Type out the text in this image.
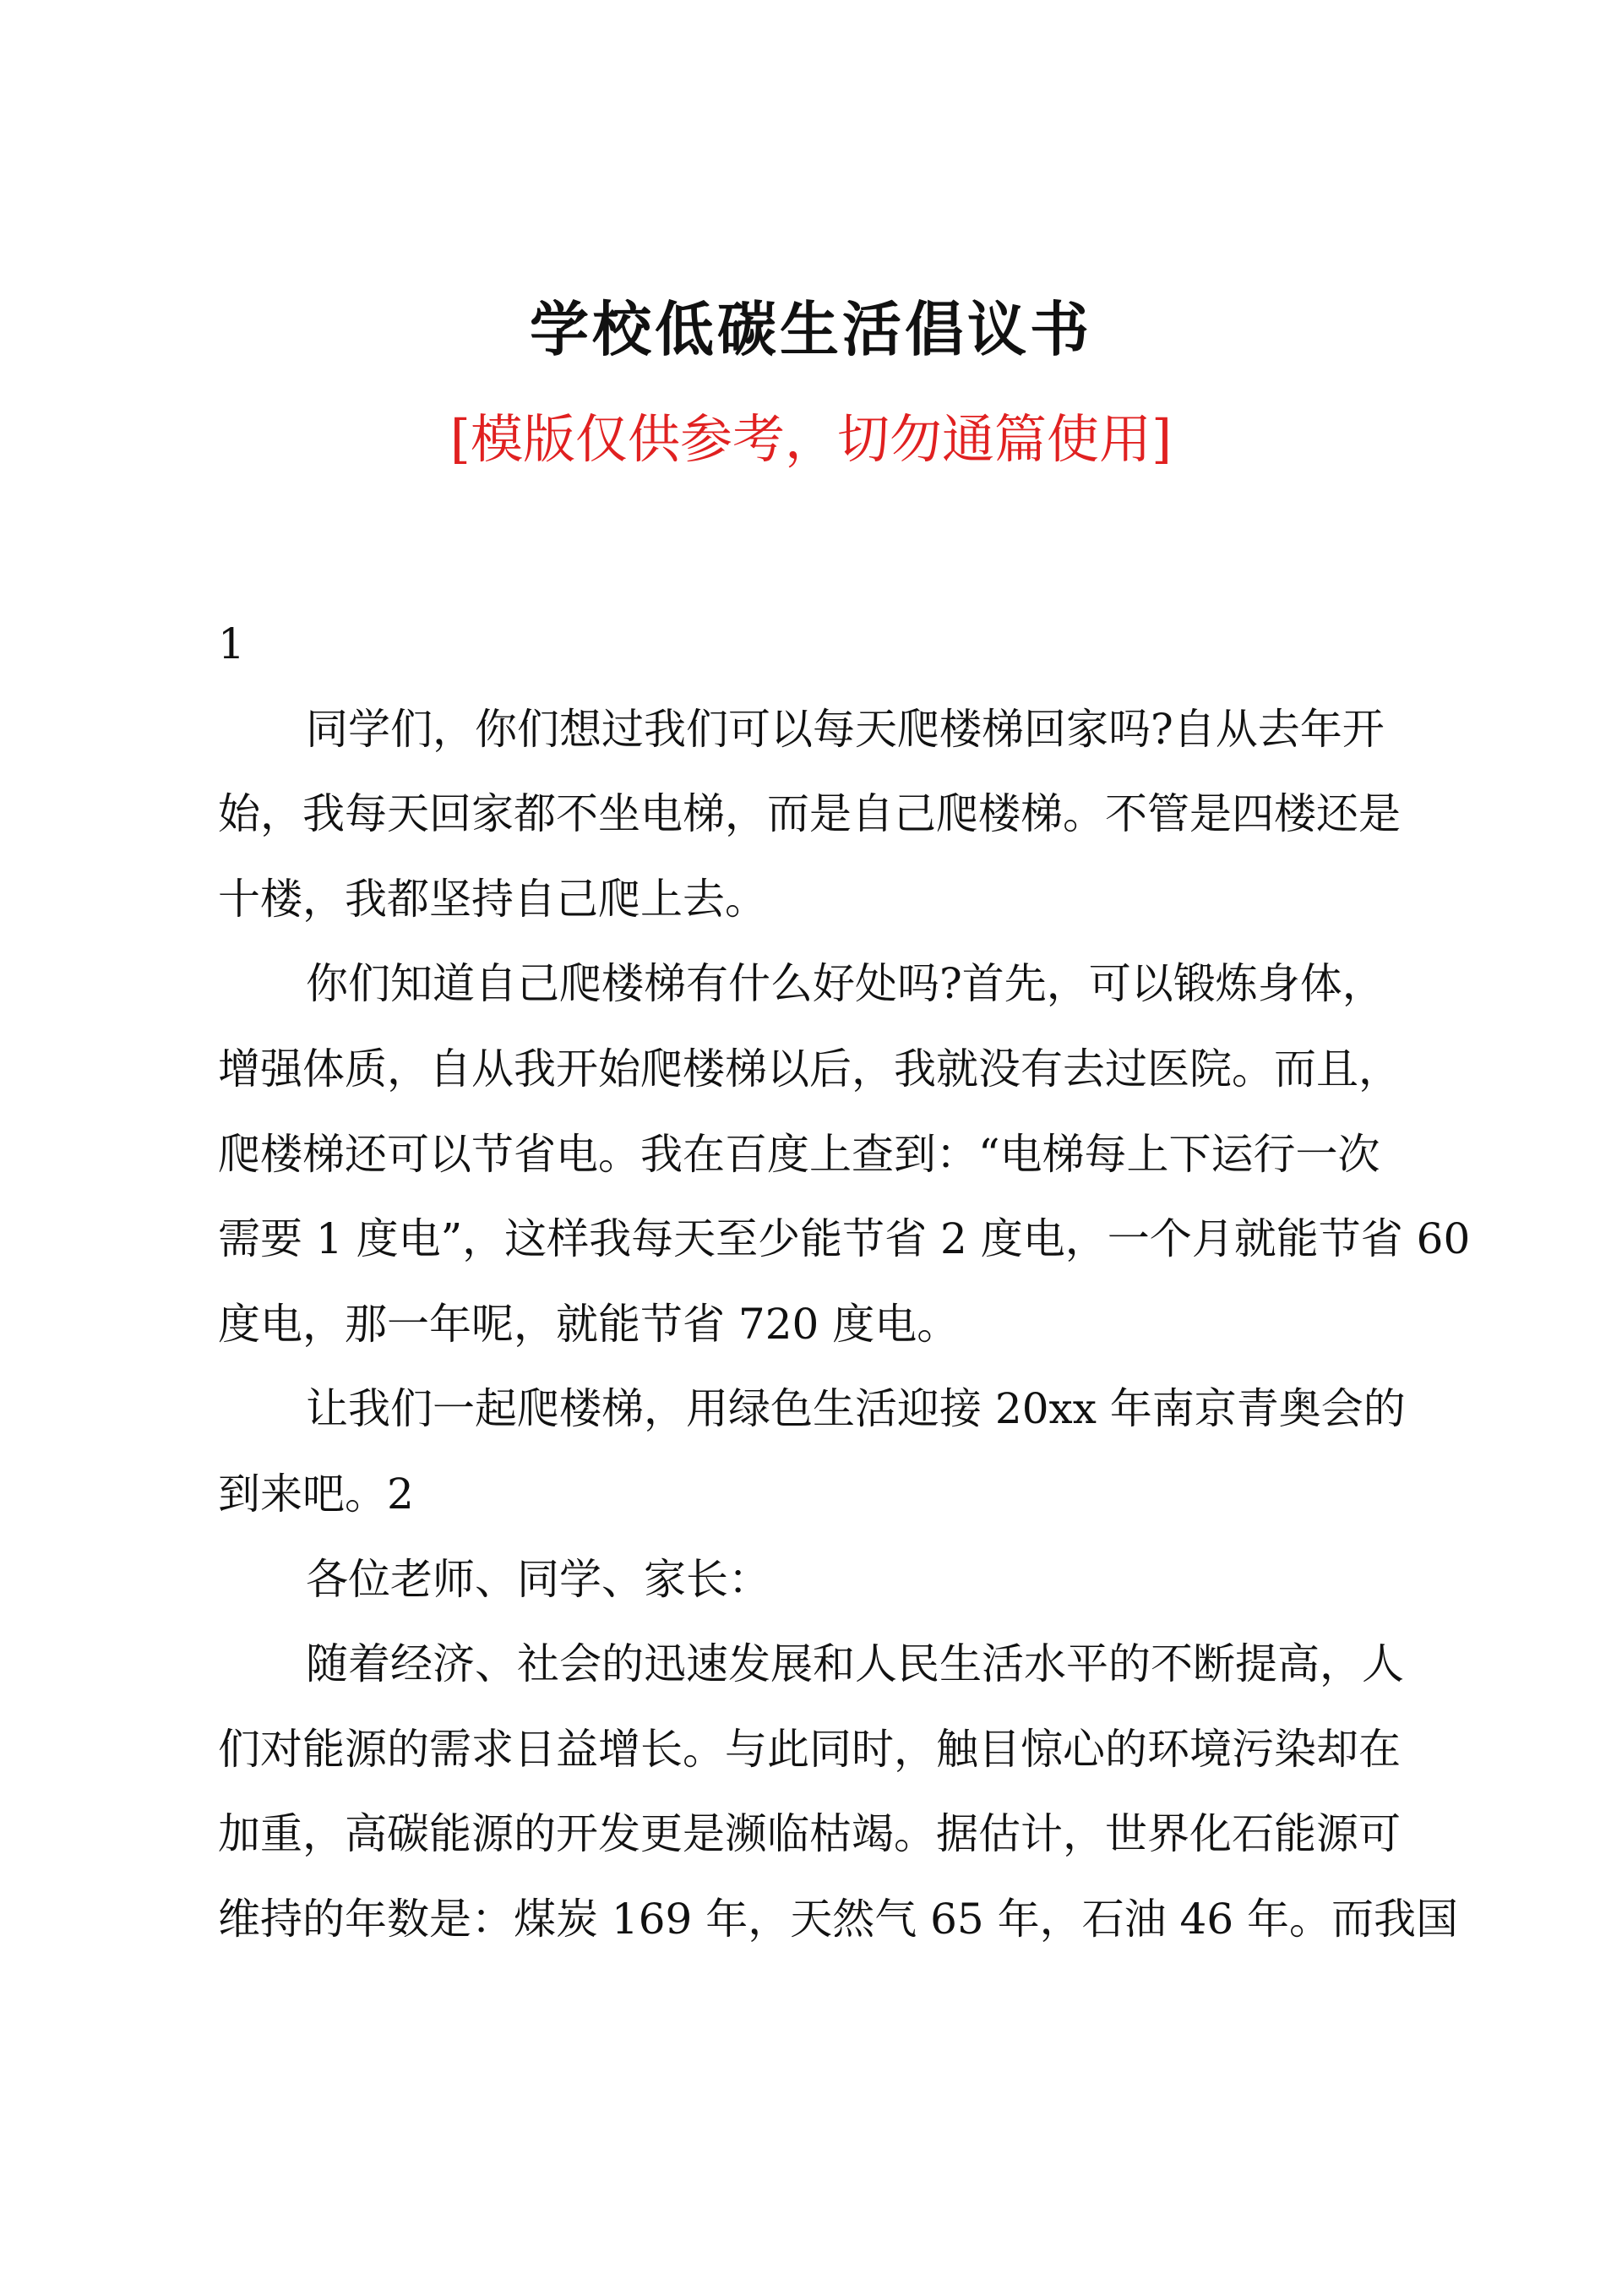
学校低碳生活倡议书
[模版仅供参考，切勿通篇使用]
1
同学们，你们想过我们可以每天爬楼梯回家吗?自从去年开
始，我每天回家都不坐电梯，而是自己爬楼梯。不管是四楼还是
十楼，我都坚持自己爬上去。
你们知道自己爬楼梯有什么好处吗?首先，可以锻炼身体，
增强体质，自从我开始爬楼梯以后，我就没有去过医院。而且，
爬楼梯还可以节省电。我在百度上查到：“电梯每上下运行一次
需要 1 度电”，这样我每天至少能节省 2 度电，一个月就能节省 60
度电，那一年呢，就能节省 720 度电。
让我们一起爬楼梯，用绿色生活迎接 20xx 年南京青奥会的
到来吧。2
各位老师、同学、家长：
随着经济、社会的迅速发展和人民生活水平的不断提高，人
们对能源的需求日益增长。与此同时，触目惊心的环境污染却在
加重，高碳能源的开发更是濒临枯竭。据估计，世界化石能源可
维持的年数是：煤炭 169 年，天然气 65 年，石油 46 年。而我国
